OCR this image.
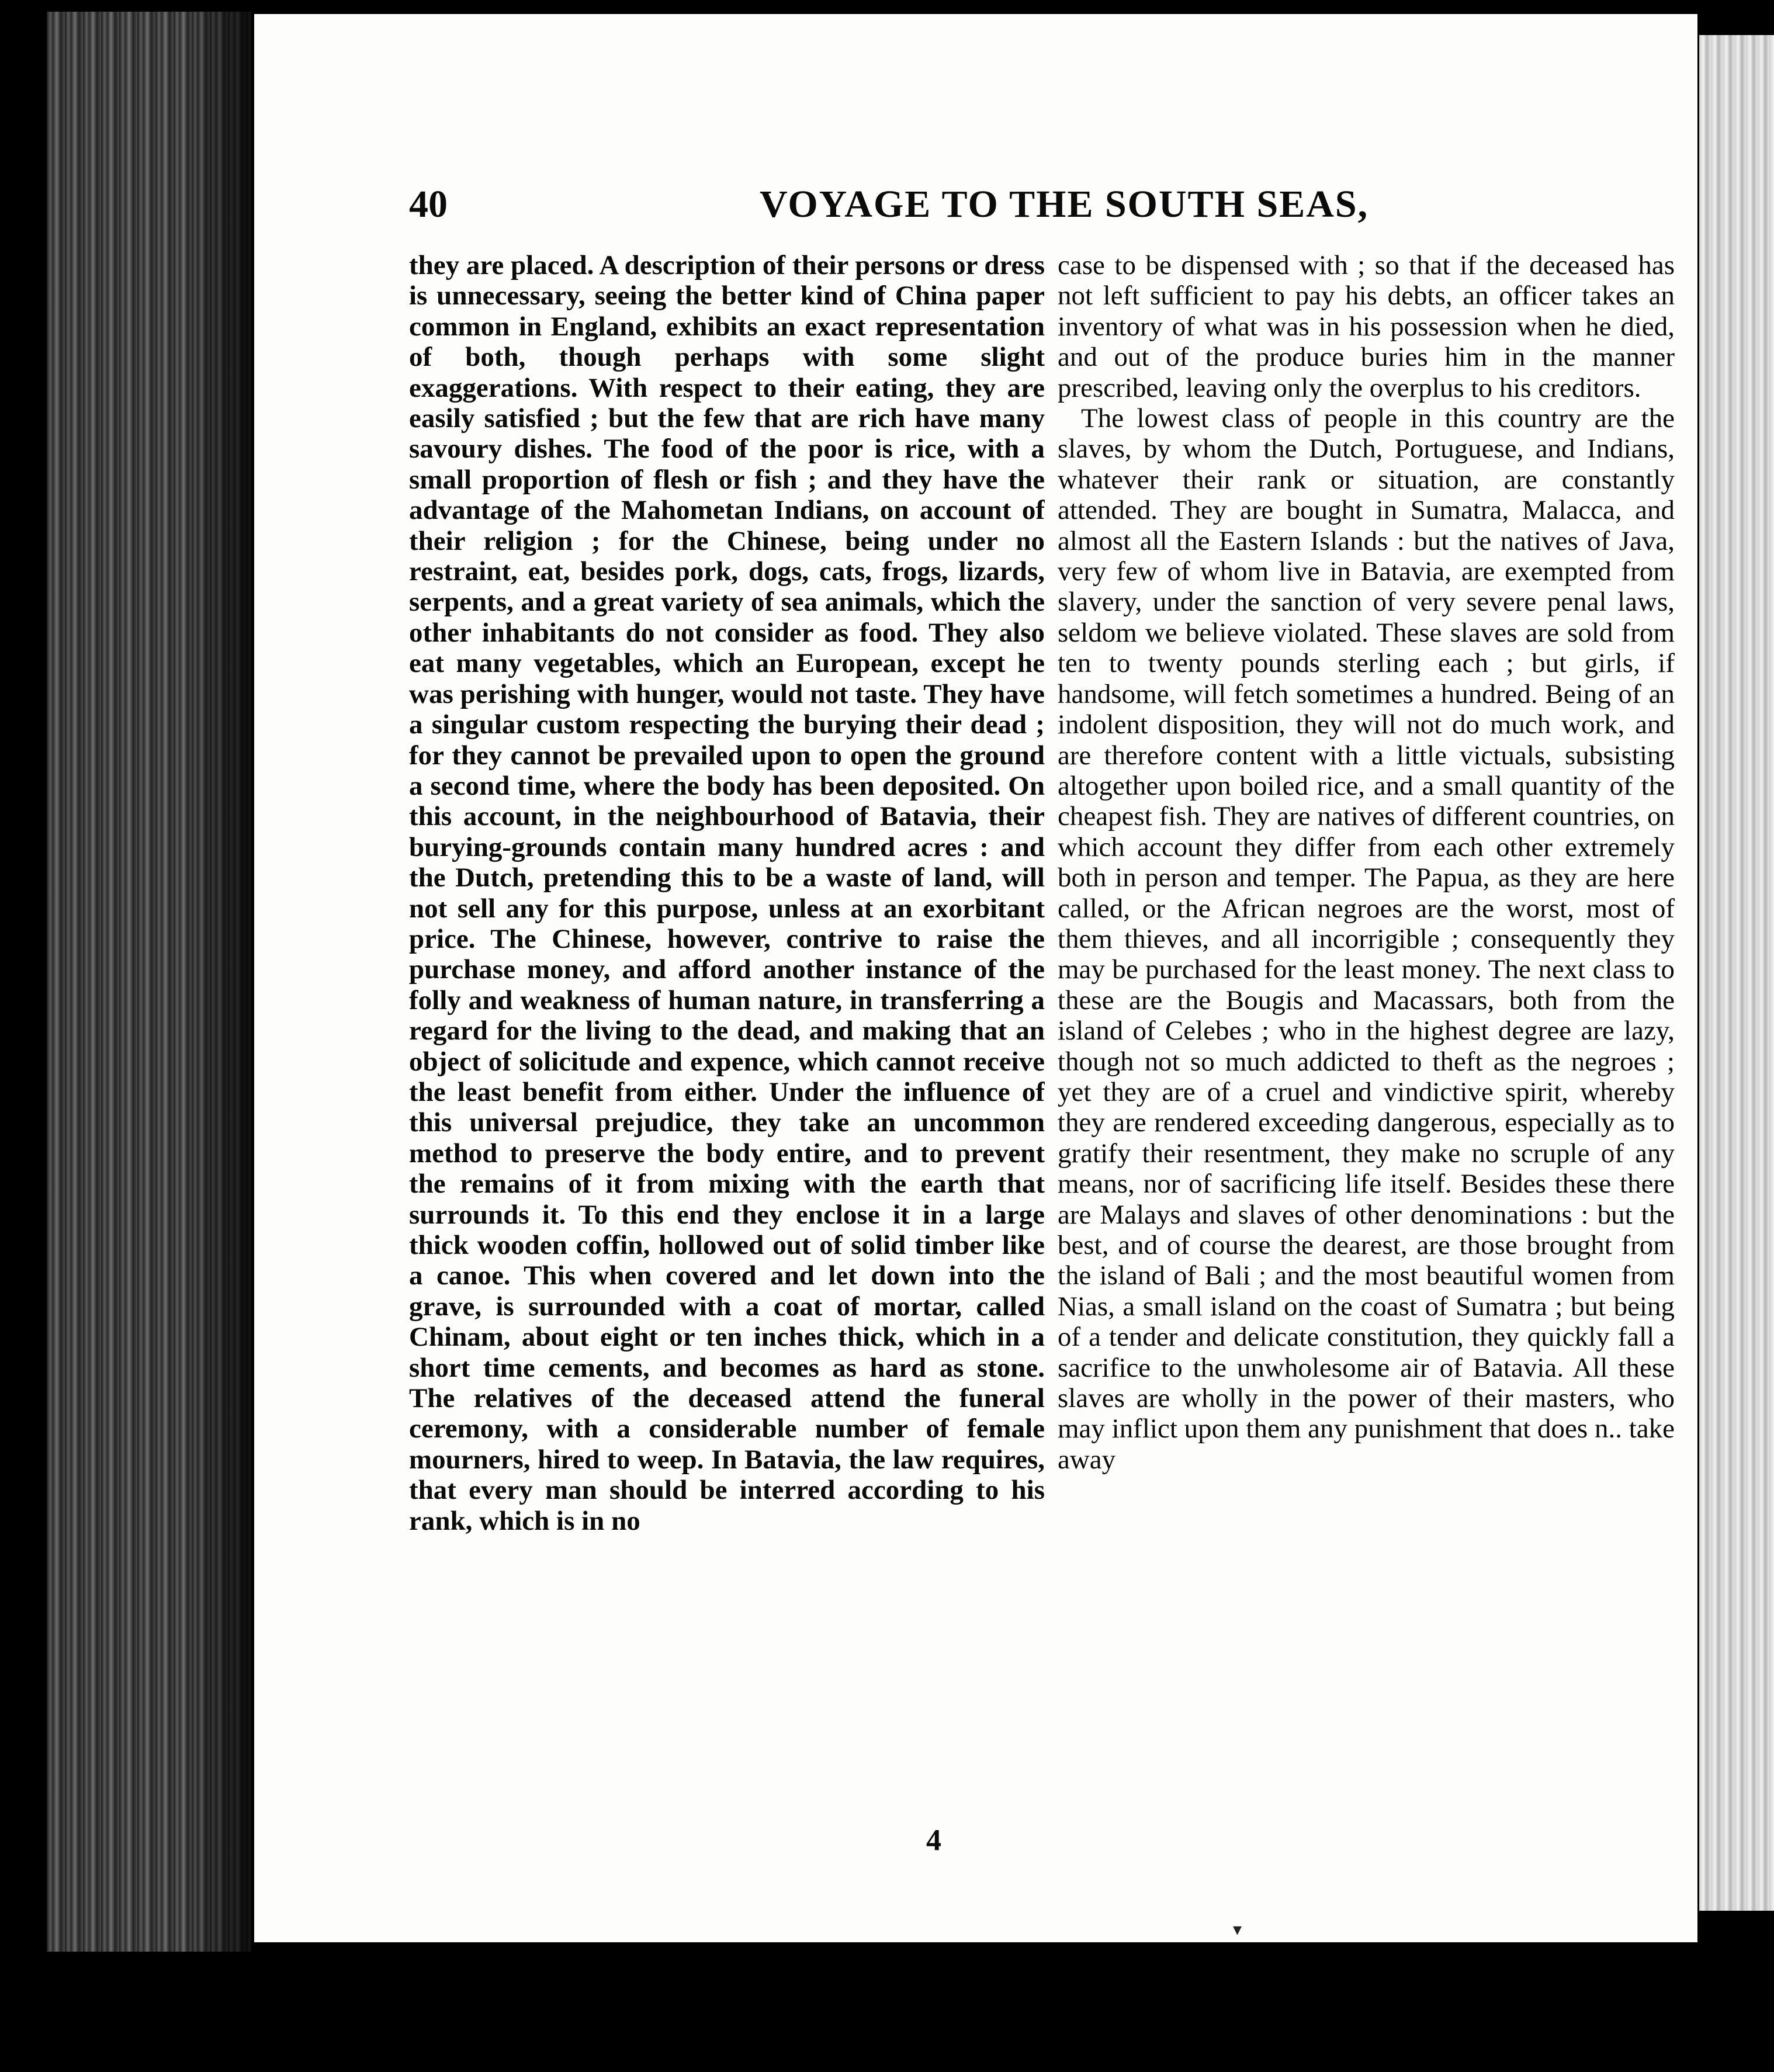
40	VOYAGE TO THE SOUTH SEAS,

they are placed. A description of their persons or dress is unnecessary, seeing the better kind of China paper common in England, exhibits an exact representation of both, though perhaps with some slight exaggerations. With respect to their eating, they are easily satisfied ; but the few that are rich have many savoury dishes. The food of the poor is rice, with a small proportion of flesh or fish ; and they have the advantage of the Mahometan Indians, on account of their religion ; for the Chinese, being under no restraint, eat, besides pork, dogs, cats, frogs, lizards, serpents, and a great variety of sea animals, which the other inhabitants do not consider as food. They also eat many vegetables, which an European, except he was perishing with hunger, would not taste. They have a singular custom respecting the burying their dead ; for they cannot be prevailed upon to open the ground a second time, where the body has been deposited. On this account, in the neighbourhood of Batavia, their burying-grounds contain many hundred acres : and the Dutch, pretending this to be a waste of land, will not sell any for this purpose, unless at an exorbitant price. The Chinese, however, contrive to raise the purchase money, and afford another instance of the folly and weakness of human nature, in transferring a regard for the living to the dead, and making that an object of solicitude and expence, which cannot receive the least benefit from either. Under the influence of this universal prejudice, they take an uncommon method to preserve the body entire, and to prevent the remains of it from mixing with the earth that surrounds it. To this end they enclose it in a large thick wooden coffin, hollowed out of solid timber like a canoe. This when covered and let down into the grave, is surrounded with a coat of mortar, called Chinam, about eight or ten inches thick, which in a short time cements, and becomes as hard as stone. The relatives of the deceased attend the funeral ceremony, with a considerable number of female mourners, hired to weep. In Batavia, the law requires, that every man should be interred according to his rank, which is in no

case to be dispensed with ; so that if the deceased has not left sufficient to pay his debts, an officer takes an inventory of what was in his possession when he died, and out of the produce buries him in the manner prescribed, leaving only the overplus to his creditors.

The lowest class of people in this country are the slaves, by whom the Dutch, Portuguese, and Indians, whatever their rank or situation, are constantly attended. They are bought in Sumatra, Malacca, and almost all the Eastern Islands : but the natives of Java, very few of whom live in Batavia, are exempted from slavery, under the sanction of very severe penal laws, seldom we believe violated. These slaves are sold from ten to twenty pounds sterling each ; but girls, if handsome, will fetch sometimes a hundred. Being of an indolent disposition, they will not do much work, and are therefore content with a little victuals, subsisting altogether upon boiled rice, and a small quantity of the cheapest fish. They are natives of different countries, on which account they differ from each other extremely both in person and temper. The Papua, as they are here called, or the African negroes are the worst, most of them thieves, and all incorrigible ; consequently they may be purchased for the least money. The next class to these are the Bougis and Macassars, both from the island of Celebes ; who in the highest degree are lazy, though not so much addicted to theft as the negroes ; yet they are of a cruel and vindictive spirit, whereby they are rendered exceeding dangerous, especially as to gratify their resentment, they make no scruple of any means, nor of sacrificing life itself. Besides these there are Malays and slaves of other denominations : but the best, and of course the dearest, are those brought from the island of Bali ; and the most beautiful women from Nias, a small island on the coast of Sumatra ; but being of a tender and delicate constitution, they quickly fall a sacrifice to the unwholesome air of Batavia. All these slaves are wholly in the power of their masters, who may inflict upon them any punishment that does n.. take away

4
▾
